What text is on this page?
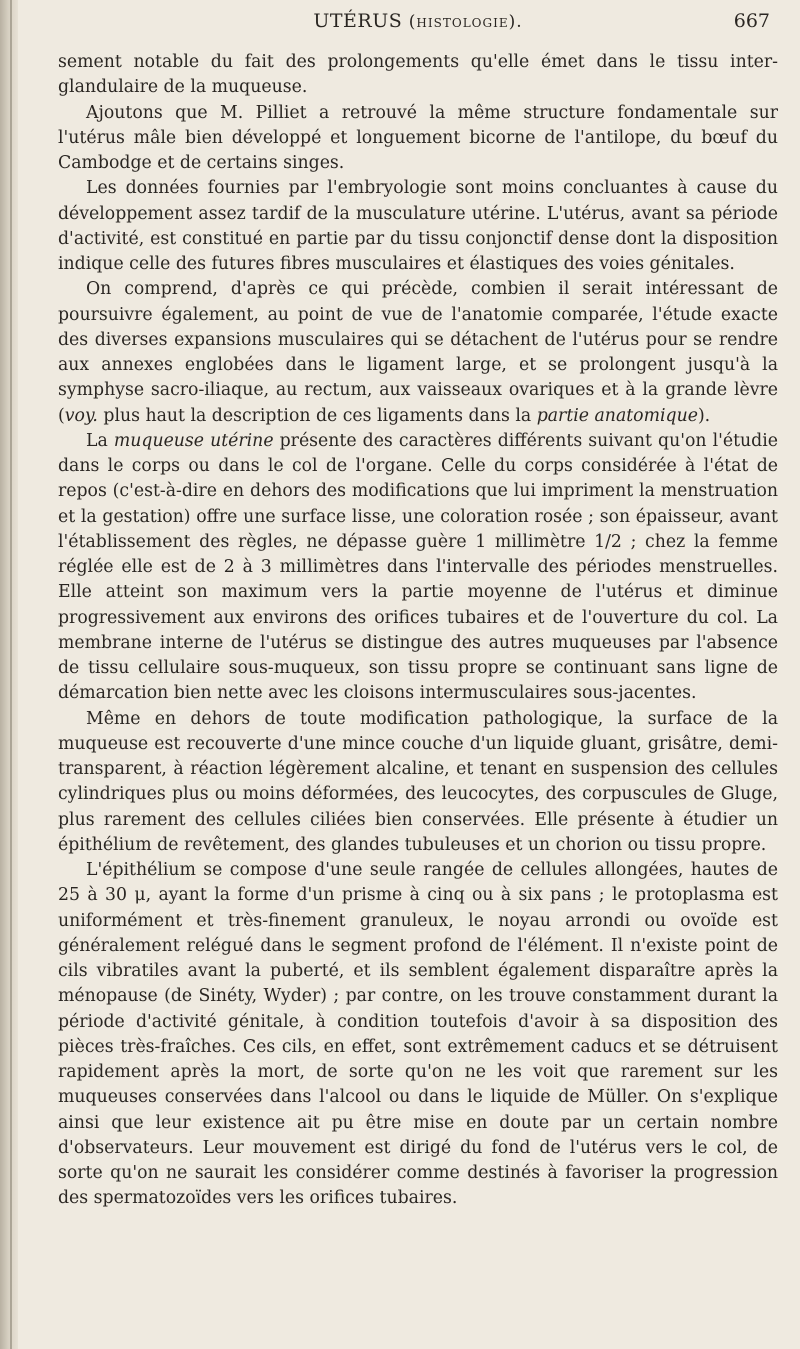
UTÉRUS (histologie).	667

sement notable du fait des prolongements qu'elle émet dans le tissu inter-glandulaire de la muqueuse.

Ajoutons que M. Pilliet a retrouvé la même structure fondamentale sur l'utérus mâle bien développé et longuement bicorne de l'antilope, du bœuf du Cambodge et de certains singes.

Les données fournies par l'embryologie sont moins concluantes à cause du développement assez tardif de la musculature utérine. L'utérus, avant sa période d'activité, est constitué en partie par du tissu conjonctif dense dont la disposition indique celle des futures fibres musculaires et élastiques des voies génitales.

On comprend, d'après ce qui précède, combien il serait intéressant de poursuivre également, au point de vue de l'anatomie comparée, l'étude exacte des diverses expansions musculaires qui se détachent de l'utérus pour se rendre aux annexes englobées dans le ligament large, et se prolongent jusqu'à la symphyse sacro-iliaque, au rectum, aux vaisseaux ovariques et à la grande lèvre (voy. plus haut la description de ces ligaments dans la partie anatomique).

La muqueuse utérine présente des caractères différents suivant qu'on l'étudie dans le corps ou dans le col de l'organe. Celle du corps considérée à l'état de repos (c'est-à-dire en dehors des modifications que lui impriment la menstruation et la gestation) offre une surface lisse, une coloration rosée ; son épaisseur, avant l'établissement des règles, ne dépasse guère 1 millimètre 1/2 ; chez la femme réglée elle est de 2 à 3 millimètres dans l'intervalle des périodes menstruelles. Elle atteint son maximum vers la partie moyenne de l'utérus et diminue progressivement aux environs des orifices tubaires et de l'ouverture du col. La membrane interne de l'utérus se distingue des autres muqueuses par l'absence de tissu cellulaire sous-muqueux, son tissu propre se continuant sans ligne de démarcation bien nette avec les cloisons intermusculaires sous-jacentes.

Même en dehors de toute modification pathologique, la surface de la muqueuse est recouverte d'une mince couche d'un liquide gluant, grisâtre, demi-transparent, à réaction légèrement alcaline, et tenant en suspension des cellules cylindriques plus ou moins déformées, des leucocytes, des corpuscules de Gluge, plus rarement des cellules ciliées bien conservées. Elle présente à étudier un épithélium de revêtement, des glandes tubuleuses et un chorion ou tissu propre.

L'épithélium se compose d'une seule rangée de cellules allongées, hautes de 25 à 30 μ, ayant la forme d'un prisme à cinq ou à six pans ; le protoplasma est uniformément et très-finement granuleux, le noyau arrondi ou ovoïde est généralement relégué dans le segment profond de l'élément. Il n'existe point de cils vibratiles avant la puberté, et ils semblent également disparaître après la ménopause (de Sinéty, Wyder) ; par contre, on les trouve constamment durant la période d'activité génitale, à condition toutefois d'avoir à sa disposition des pièces très-fraîches. Ces cils, en effet, sont extrêmement caducs et se détruisent rapidement après la mort, de sorte qu'on ne les voit que rarement sur les muqueuses conservées dans l'alcool ou dans le liquide de Müller. On s'explique ainsi que leur existence ait pu être mise en doute par un certain nombre d'observateurs. Leur mouvement est dirigé du fond de l'utérus vers le col, de sorte qu'on ne saurait les considérer comme destinés à favoriser la progression des spermatozoïdes vers les orifices tubaires.
